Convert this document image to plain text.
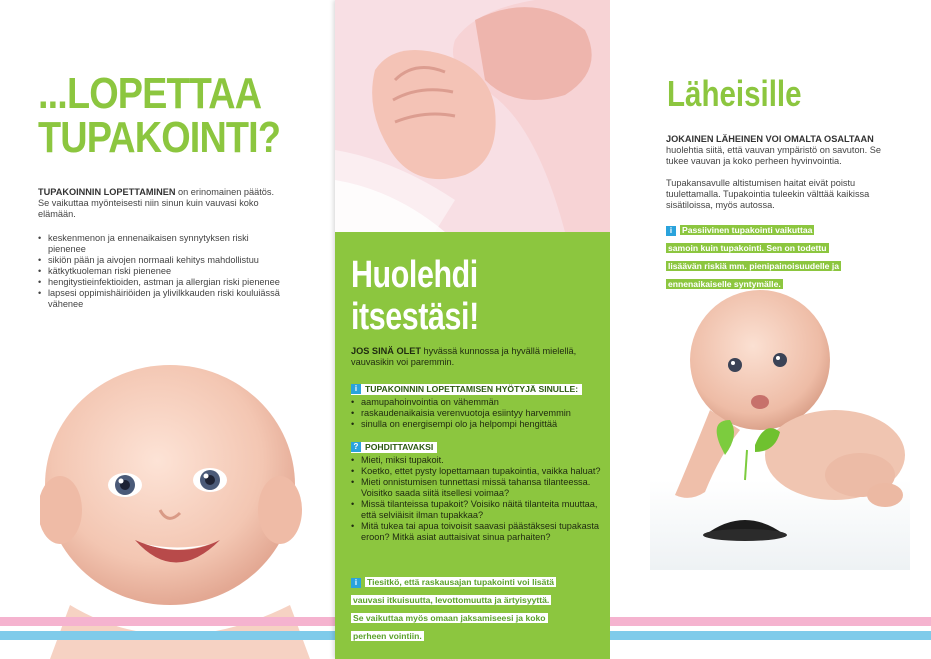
...LOPETTAA
TUPAKOINTI?
TUPAKOINNIN LOPETTAMINEN on erinomainen päätös. Se vaikuttaa myönteisesti niin sinun kuin vauvasi koko elämään.
• keskenmenon ja ennenaikaisen synnytyksen riski pienenee
• sikiön pään ja aivojen normaali kehitys mahdollistuu
• kätkytkuoleman riski pienenee
• hengitystieinfektioiden, astman ja allergian riski pienenee
• lapsesi oppimishäiriöiden ja ylivilkkauden riski kouluiässä vähenee
Huolehdi
itsestäsi!
JOS SINÄ OLET hyvässä kunnossa ja hyvällä mielellä, vauvasikin voi paremmin.
i TUPAKOINNIN LOPETTAMISEN HYÖTYJÄ SINULLE:
• aamupahoinvointia on vähemmän
• raskaudenaikaisia verenvuotoja esiintyy harvemmin
• sinulla on energisempi olo ja helpompi hengittää
? POHDITTAVAKSI
• Mieti, miksi tupakoit.
• Koetko, ettet pysty lopettamaan tupakointia, vaikka haluat?
• Mieti onnistumisen tunnettasi missä tahansa tilanteessa. Voisitko saada siitä itsellesi voimaa?
• Missä tilanteissa tupakoit? Voisiko näitä tilanteita muuttaa, että selviäisit ilman tupakkaa?
• Mitä tukea tai apua toivoisit saavasi päästäksesi tupakasta eroon? Mitkä asiat auttaisivat sinua parhaiten?
i Tiesitkö, että raskausajan tupakointi voi lisätä
vauvasi itkuisuutta, levottomuutta ja ärtyisyyttä.
Se vaikuttaa myös omaan jaksamiseesi ja koko
perheen vointiin.
Läheisille
JOKAINEN LÄHEINEN VOI OMALTA OSALTAAN huolehtia siitä, että vauvan ympäristö on savuton. Se tukee vauvan ja koko perheen hyvinvointia.
Tupakansavulle altistumisen haitat eivät poistu tuulettamalla. Tupakointia tuleekin välttää kaikissa sisätiloissa, myös autossa.
i Passiivinen tupakointi vaikuttaa
samoin kuin tupakointi. Sen on todettu
lisäävän riskiä mm. pienipainoisuudelle ja
ennenaikaiselle syntymälle.
